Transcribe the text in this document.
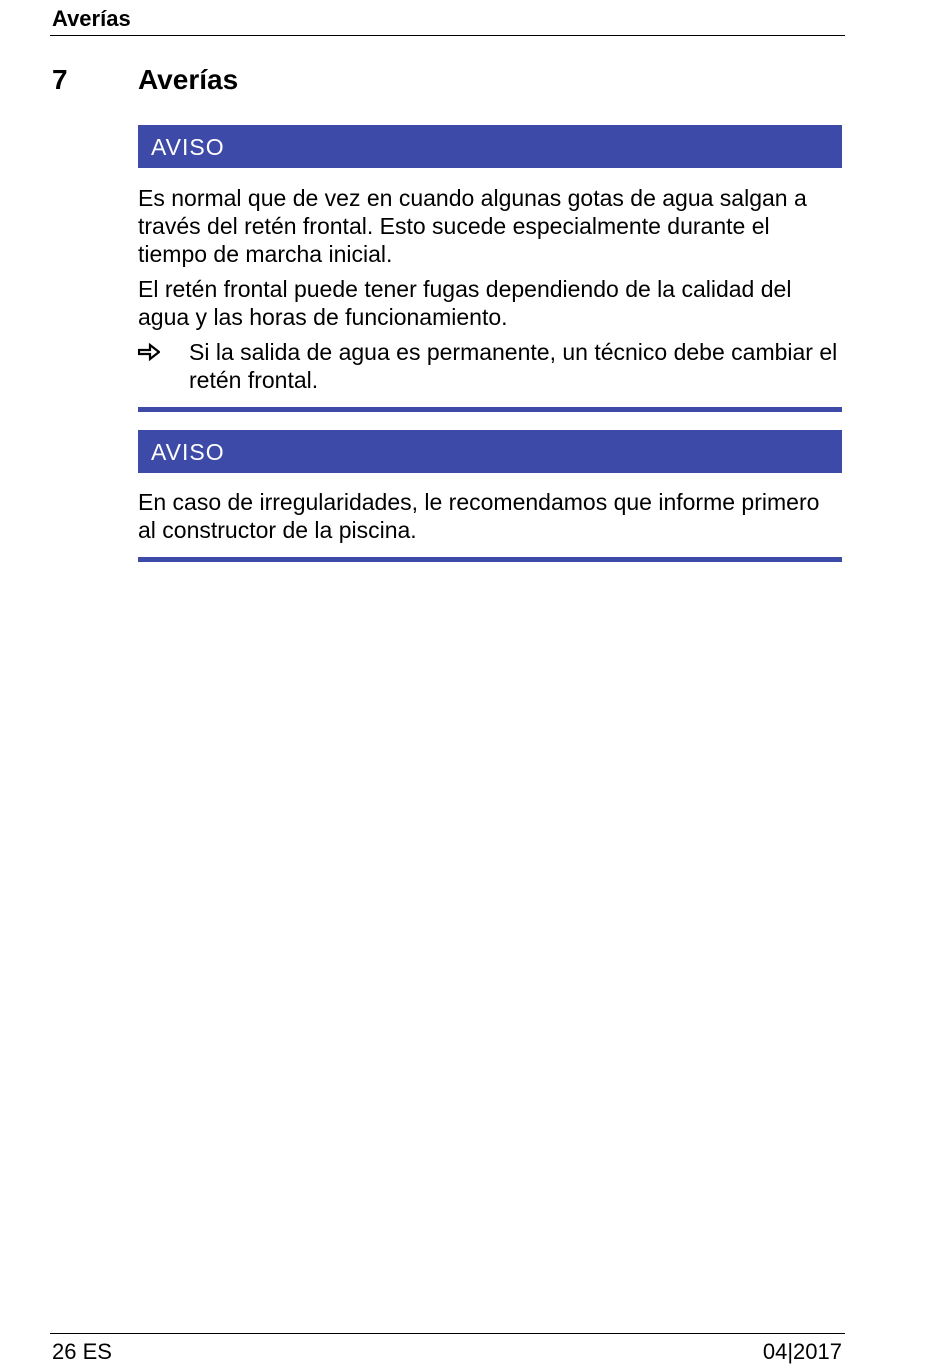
Averías
7	Averías
AVISO

Es normal que de vez en cuando algunas gotas de agua salgan a través del retén frontal. Esto sucede especialmente durante el tiempo de marcha inicial.

El retén frontal puede tener fugas dependiendo de la calidad del agua y las horas de funcionamiento.

Si la salida de agua es permanente, un técnico debe cambiar el retén frontal.
AVISO

En caso de irregularidades, le recomendamos que informe primero al constructor de la piscina.

26 ES	04|2017
